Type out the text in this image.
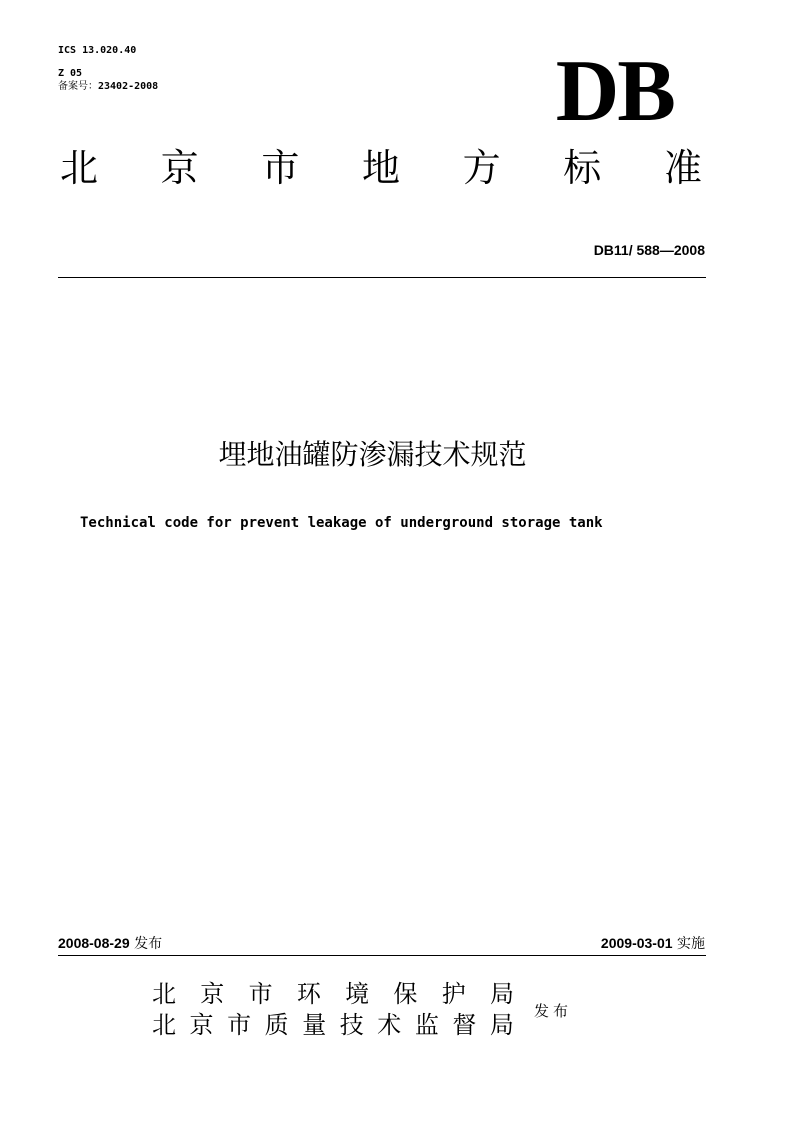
ICS 13.020.40
Z 05
备案号：23402-2008	DB
北 京 市 地 方 标 准
DB11/ 588—2008
埋地油罐防渗漏技术规范
Technical code for prevent leakage of underground storage tank
2008-08-29 发布	2009-03-01 实施
北 京 市 环 境 保 护 局
北 京 市 质 量 技 术 监 督 局 发布
